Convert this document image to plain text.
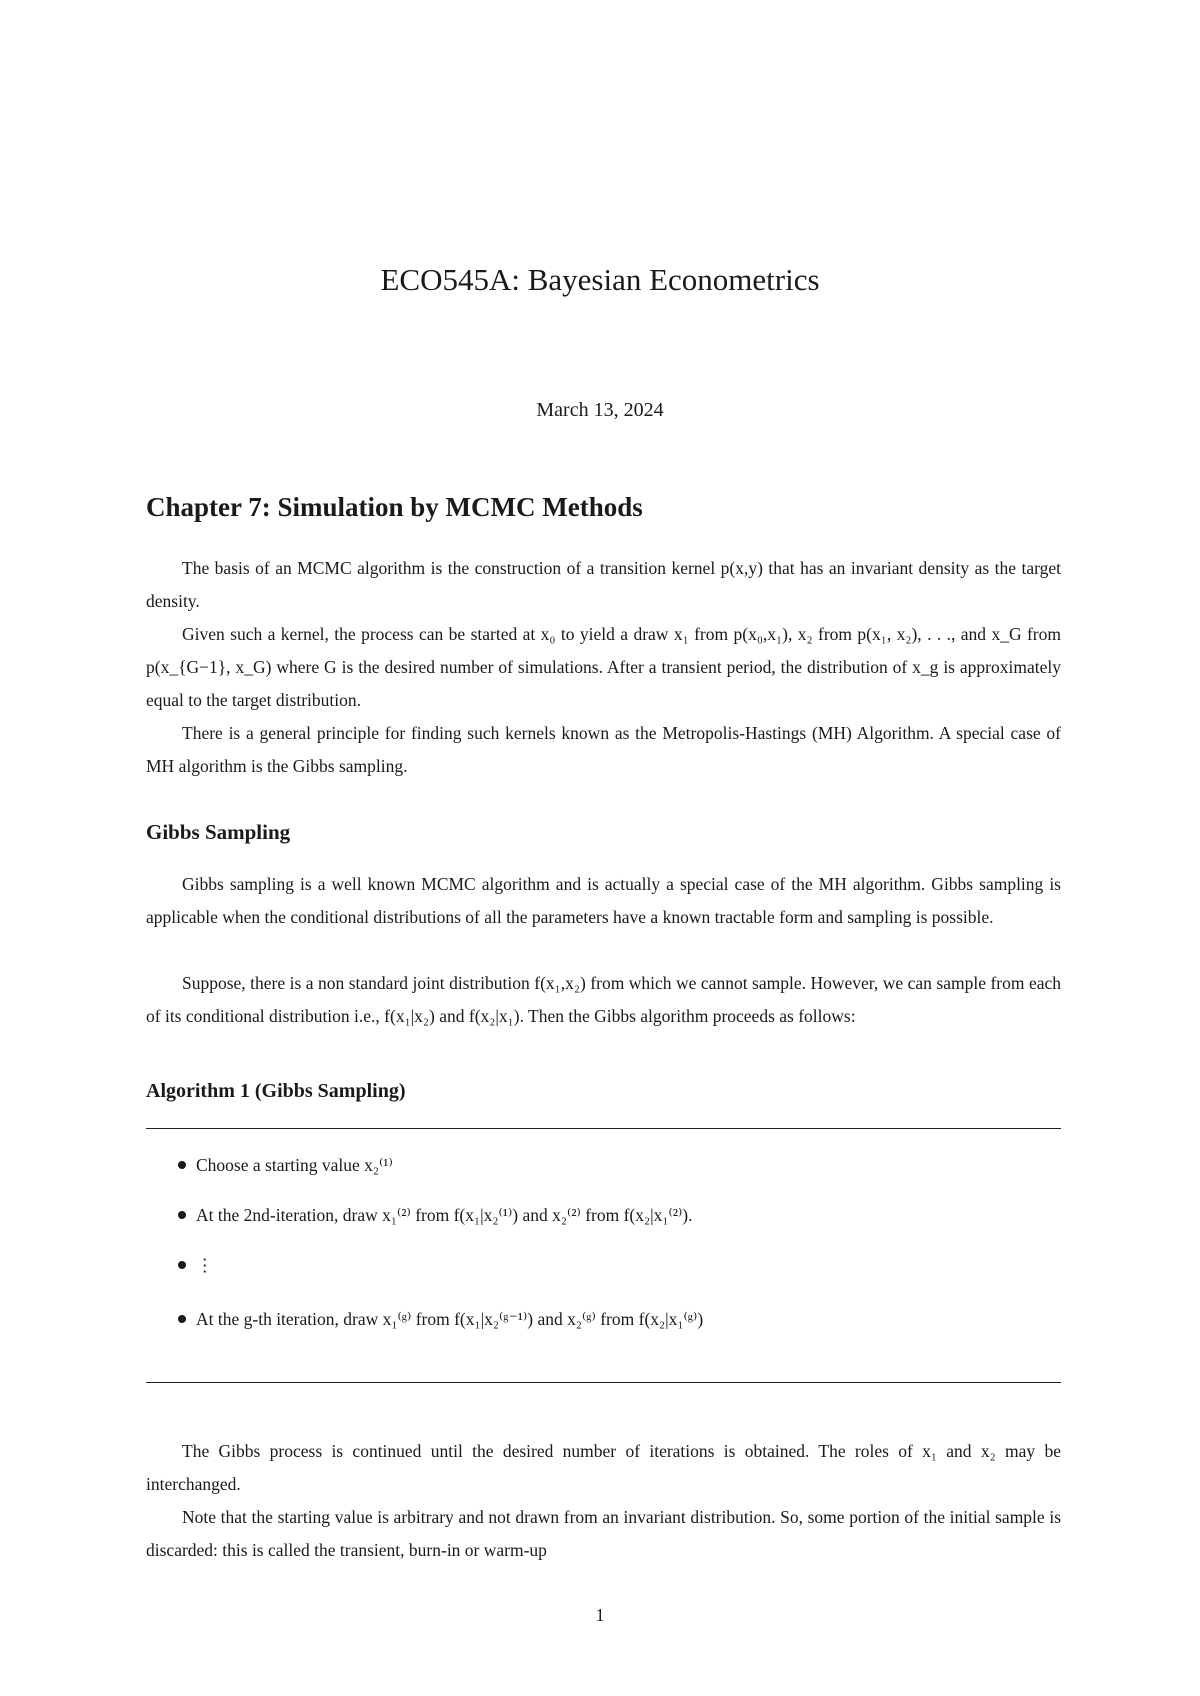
ECO545A: Bayesian Econometrics
March 13, 2024
Chapter 7: Simulation by MCMC Methods
The basis of an MCMC algorithm is the construction of a transition kernel p(x,y) that has an invariant density as the target density.
Given such a kernel, the process can be started at x₀ to yield a draw x₁ from p(x₀,x₁), x₂ from p(x₁, x₂), . . ., and x_G from p(x_{G−1}, x_G) where G is the desired number of simulations. After a transient period, the distribution of x_g is approximately equal to the target distribution.
There is a general principle for finding such kernels known as the Metropolis-Hastings (MH) Algorithm. A special case of MH algorithm is the Gibbs sampling.
Gibbs Sampling
Gibbs sampling is a well known MCMC algorithm and is actually a special case of the MH algorithm. Gibbs sampling is applicable when the conditional distributions of all the parameters have a known tractable form and sampling is possible.
Suppose, there is a non standard joint distribution f(x₁,x₂) from which we cannot sample. However, we can sample from each of its conditional distribution i.e., f(x₁|x₂) and f(x₂|x₁). Then the Gibbs algorithm proceeds as follows:
Algorithm 1 (Gibbs Sampling)
Choose a starting value x₂⁽¹⁾
At the 2nd-iteration, draw x₁⁽²⁾ from f(x₁|x₂⁽¹⁾) and x₂⁽²⁾ from f(x₂|x₁⁽²⁾).
⋮
At the g-th iteration, draw x₁⁽ᵍ⁾ from f(x₁|x₂⁽ᵍ⁻¹⁾) and x₂⁽ᵍ⁾ from f(x₂|x₁⁽ᵍ⁾)
The Gibbs process is continued until the desired number of iterations is obtained. The roles of x₁ and x₂ may be interchanged.
Note that the starting value is arbitrary and not drawn from an invariant distribution. So, some portion of the initial sample is discarded: this is called the transient, burn-in or warm-up
1
